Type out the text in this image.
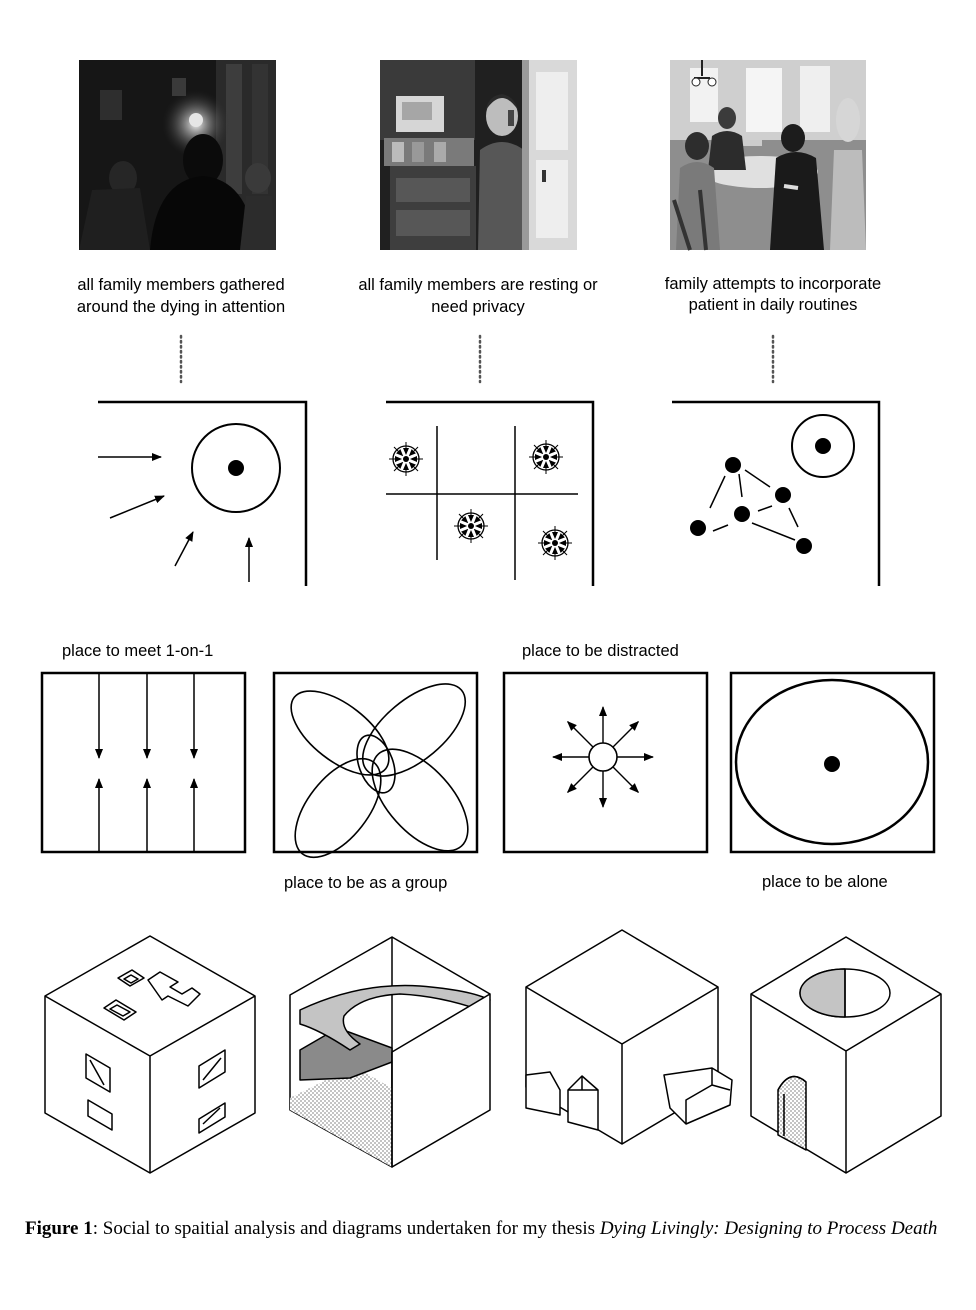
all family members gathered
around the dying in attention
all family members are resting or
need privacy
family attempts to incorporate
patient in daily routines
place to meet 1-on-1	place to be distracted
place to be as a group	place to be alone
Figure 1: Social to spaitial analysis and diagrams undertaken for my thesis Dying Livingly: Designing to Process Death
